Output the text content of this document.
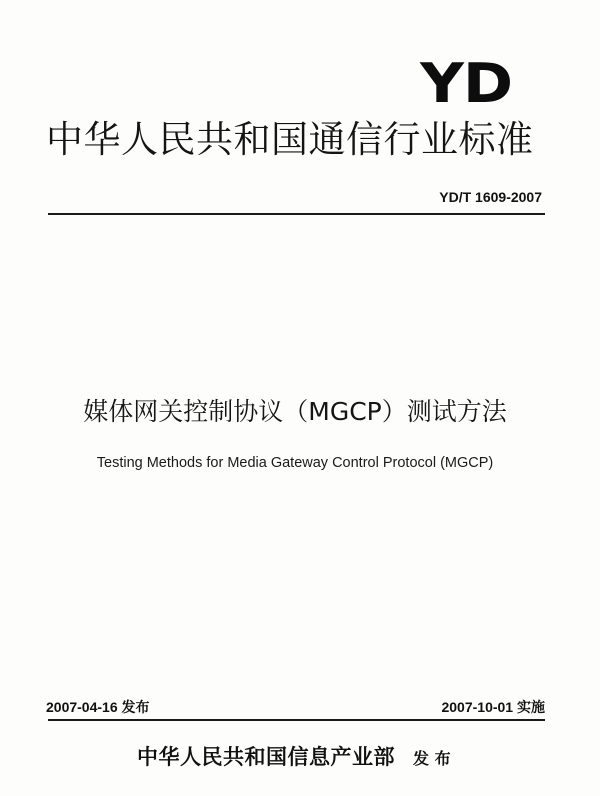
YD
中华人民共和国通信行业标准
YD/T 1609-2007
媒体网关控制协议（MGCP）测试方法
Testing Methods for Media Gateway Control Protocol (MGCP)
2007-04-16 发布	2007-10-01 实施
中华人民共和国信息产业部 发 布
